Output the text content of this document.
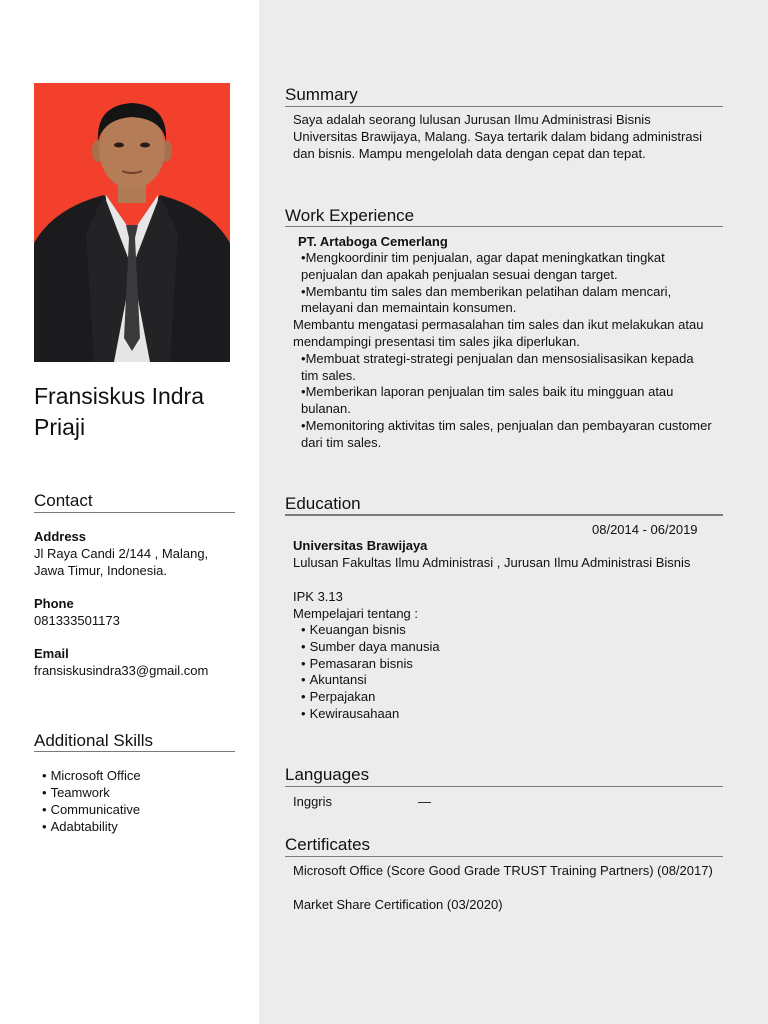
Fransiskus Indra Priaji
Contact
Address
Jl Raya Candi 2/144 , Malang, Jawa Timur, Indonesia.
Phone
081333501173
Email
fransiskusindra33@gmail.com
Additional Skills
• Microsoft Office
• Teamwork
• Communicative
• Adabtability
Summary
Saya adalah seorang lulusan Jurusan Ilmu Administrasi Bisnis Universitas Brawijaya, Malang. Saya tertarik dalam bidang administrasi dan bisnis. Mampu mengelolah data dengan cepat dan tepat.
Work Experience
PT. Artaboga Cemerlang

• Mengkoordinir tim penjualan, agar dapat meningkatkan tingkat penjualan dan apakah penjualan sesuai dengan target.

• Membantu tim sales dan memberikan pelatihan dalam mencari, melayani dan memaintain konsumen.

Membantu mengatasi permasalahan tim sales dan ikut melakukan atau mendampingi presentasi tim sales jika diperlukan.

• Membuat strategi-strategi penjualan dan mensosialisasikan kepada tim sales.

• Memberikan laporan penjualan tim sales baik itu mingguan atau bulanan.

• Memonitoring aktivitas tim sales, penjualan dan pembayaran customer dari tim sales.

Education
08/2014 - 06/2019
Universitas Brawijaya
Lulusan Fakultas Ilmu Administrasi , Jurusan Ilmu Administrasi Bisnis
IPK 3.13
Mempelajari tentang :
• Keuangan bisnis
• Sumber daya manusia
• Pemasaran bisnis
• Akuntansi
• Perpajakan
• Kewirausahaan
Languages
Inggris	—
Certificates
Microsoft Office (Score Good Grade TRUST Training Partners) (08/2017)
Market Share Certification (03/2020)
